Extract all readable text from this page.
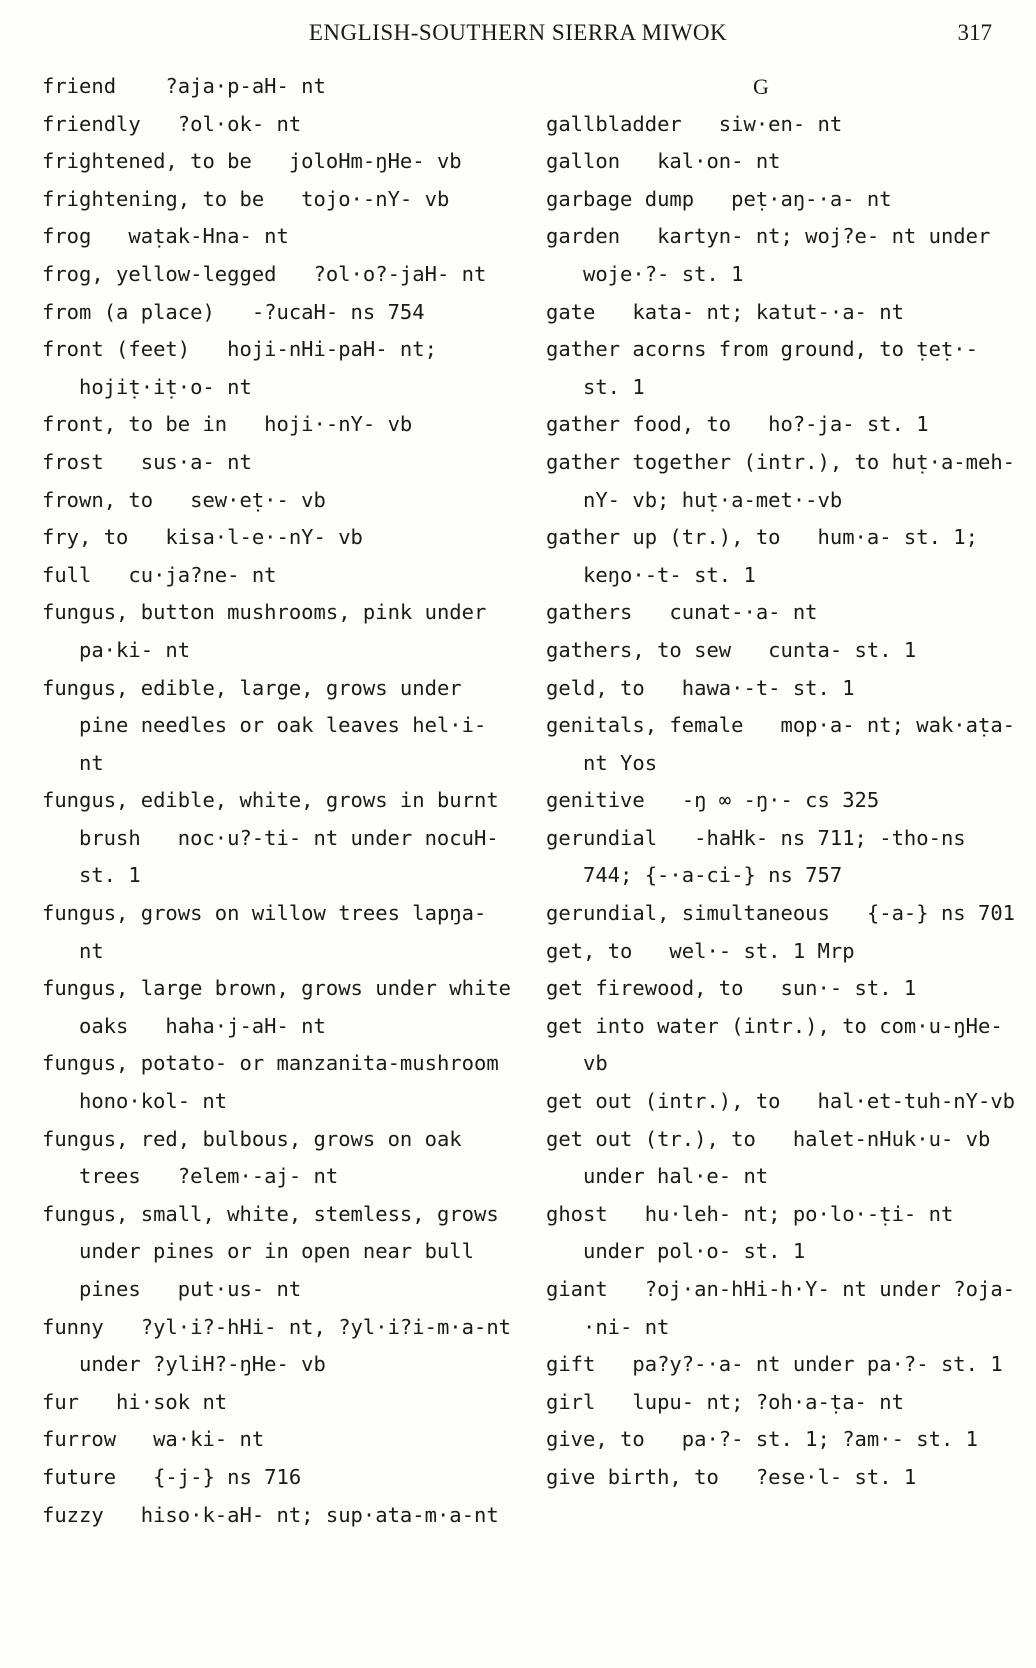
ENGLISH-SOUTHERN SIERRA MIWOK	317
friend    ?aja·p-aH- nt
friendly   ?ol·ok- nt
frightened, to be   joloHm-ŋHe- vb
frightening, to be   tojo·-nY- vb
frog   waṭak-Hna- nt
frog, yellow-legged   ?ol·o?-jaH- nt
from (a place)   -?ucaH- ns 754
front (feet)   hoji-nHi-paH- nt; hojiṭ·iṭ·o- nt
front, to be in   hoji·-nY- vb
frost   sus·a- nt
frown, to   sew·eṭ·- vb
fry, to   kisa·l-e·-nY- vb
full   cu·ja?ne- nt
fungus, button mushrooms, pink under   pa·ki- nt
fungus, edible, large, grows under pine needles or oak leaves hel·i- nt
fungus, edible, white, grows in burnt brush   noc·u?-ti- nt under nocuH- st. 1
fungus, grows on willow trees lapŋa- nt
fungus, large brown, grows under white oaks   haha·j-aH- nt
fungus, potato- or manzanita-mushroom   hono·kol- nt
fungus, red, bulbous, grows on oak trees   ?elem·-aj- nt
fungus, small, white, stemless, grows under pines or in open near bull pines   put·us- nt
funny   ?yl·i?-hHi- nt, ?yl·i?i-m·a-nt under ?yliH?-ŋHe- vb
fur   hi·sok nt
furrow   wa·ki- nt
future   {-j-} ns 716
fuzzy   hiso·k-aH- nt; sup·ata-m·a-nt
G
gallbladder   siw·en- nt
gallon   kal·on- nt
garbage dump   peṭ·aŋ-·a- nt
garden   kartyn- nt; woj?e- nt under woje·?- st. 1
gate   kata- nt; katut-·a- nt
gather acorns from ground, to ṭeṭ·- st. 1
gather food, to   ho?-ja- st. 1
gather together (intr.), to huṭ·a-meh-nY- vb; huṭ·a-met·-vb
gather up (tr.), to   hum·a- st. 1; keŋo·-t- st. 1
gathers   cunat-·a- nt
gathers, to sew   cunta- st. 1
geld, to   hawa·-t- st. 1
genitals, female   mop·a- nt; wak·aṭa- nt Yos
genitive   -ŋ ∞ -ŋ·- cs 325
gerundial   -haHk- ns 711; -tho-ns 744; {-·a-ci-} ns 757
gerundial, simultaneous   {-a-} ns 701
get, to   wel·- st. 1 Mrp
get firewood, to   sun·- st. 1
get into water (intr.), to com·u-ŋHe- vb
get out (intr.), to   hal·et-tuh-nY-vb
get out (tr.), to   halet-nHuk·u- vb under hal·e- nt
ghost   hu·leh- nt; po·lo·-ṭi- nt under pol·o- st. 1
giant   ?oj·an-hHi-h·Y- nt under ?oja-·ni- nt
gift   pa?y?-·a- nt under pa·?- st. 1
girl   lupu- nt; ?oh·a-ṭa- nt
give, to   pa·?- st. 1; ?am·- st. 1
give birth, to   ?ese·l- st. 1
